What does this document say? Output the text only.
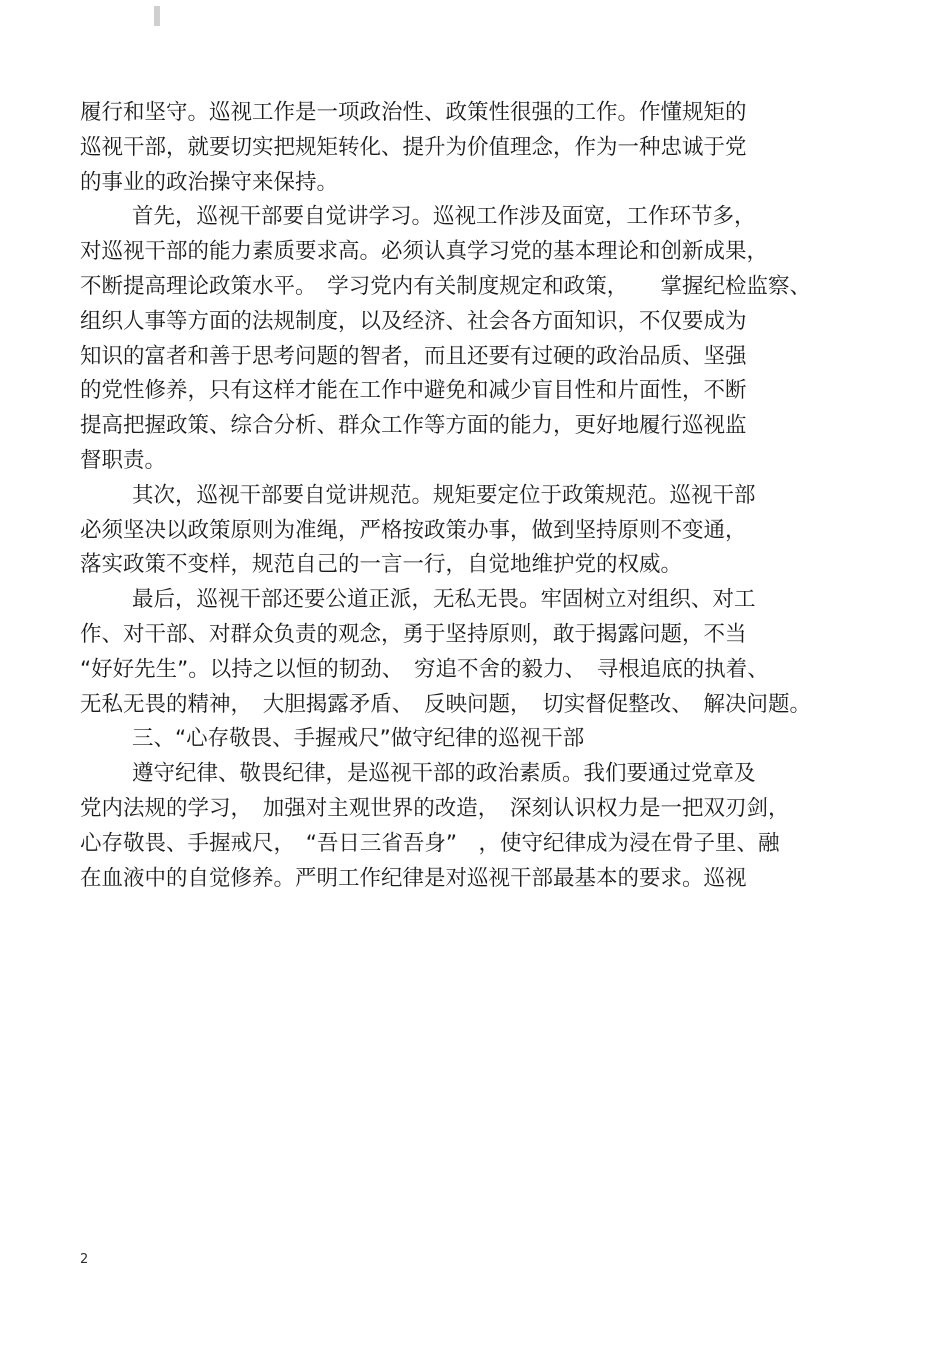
履行和坚守。巡视工作是一项政治性、政策性很强的工作。作懂规矩的
巡视干部，就要切实把规矩转化、提升为价值理念，作为一种忠诚于党
的事业的政治操守来保持。
首先，巡视干部要自觉讲学习。巡视工作涉及面宽，工作环节多，
对巡视干部的能力素质要求高。必须认真学习党的基本理论和创新成果，
不断提高理论政策水平。　学习党内有关制度规定和政策，　　掌握纪检监察、
组织人事等方面的法规制度，以及经济、社会各方面知识，不仅要成为
知识的富者和善于思考问题的智者，而且还要有过硬的政治品质、坚强
的党性修养，只有这样才能在工作中避免和减少盲目性和片面性，不断
提高把握政策、综合分析、群众工作等方面的能力，更好地履行巡视监
督职责。
其次，巡视干部要自觉讲规范。规矩要定位于政策规范。巡视干部
必须坚决以政策原则为准绳，严格按政策办事，做到坚持原则不变通，
落实政策不变样，规范自己的一言一行，自觉地维护党的权威。
最后，巡视干部还要公道正派，无私无畏。牢固树立对组织、对工
作、对干部、对群众负责的观念，勇于坚持原则，敢于揭露问题，不当
“好好先生”。以持之以恒的韧劲、　穷追不舍的毅力、　寻根追底的执着、
无私无畏的精神，　大胆揭露矛盾、　反映问题，　切实督促整改、　解决问题。
三、“心存敬畏、手握戒尺”做守纪律的巡视干部
遵守纪律、敬畏纪律，是巡视干部的政治素质。我们要通过党章及
党内法规的学习，　加强对主观世界的改造，　深刻认识权力是一把双刃剑，
心存敬畏、手握戒尺，　“吾日三省吾身”　，使守纪律成为浸在骨子里、融
在血液中的自觉修养。严明工作纪律是对巡视干部最基本的要求。巡视
2
